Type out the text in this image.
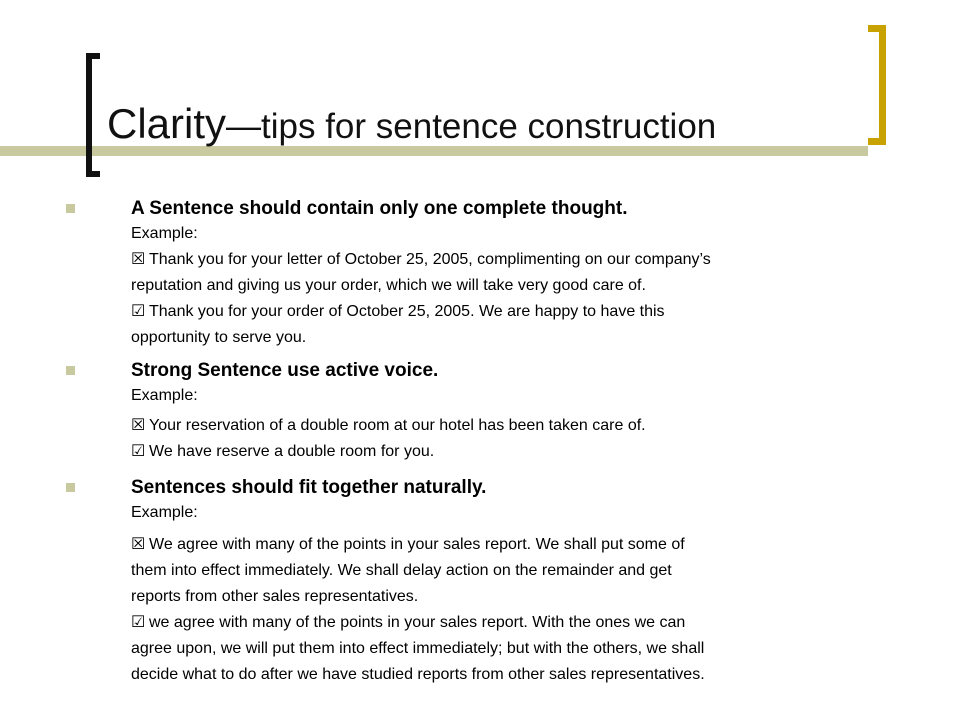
Clarity—tips for sentence construction
A Sentence should contain only one complete thought.
Example:
☒ Thank you for your letter of October 25, 2005, complimenting on our company’s
reputation and giving us your order, which we will take very good care of.
☑ Thank you for your order of October 25, 2005. We are happy to have this
opportunity to serve you.
Strong Sentence use active voice.
Example:
☒ Your reservation of a double room at our hotel has been taken care of.
☑ We have reserve a double room for you.
Sentences should fit together naturally.
Example:
☒ We agree with many of the points in your sales report. We shall put some of
them into effect immediately. We shall delay action on the remainder and get
reports from other sales representatives.
☑ we agree with many of the points in your sales report. With the ones we can
agree upon, we will put them into effect immediately; but with the others, we shall
decide what to do after we have studied reports from other sales representatives.
